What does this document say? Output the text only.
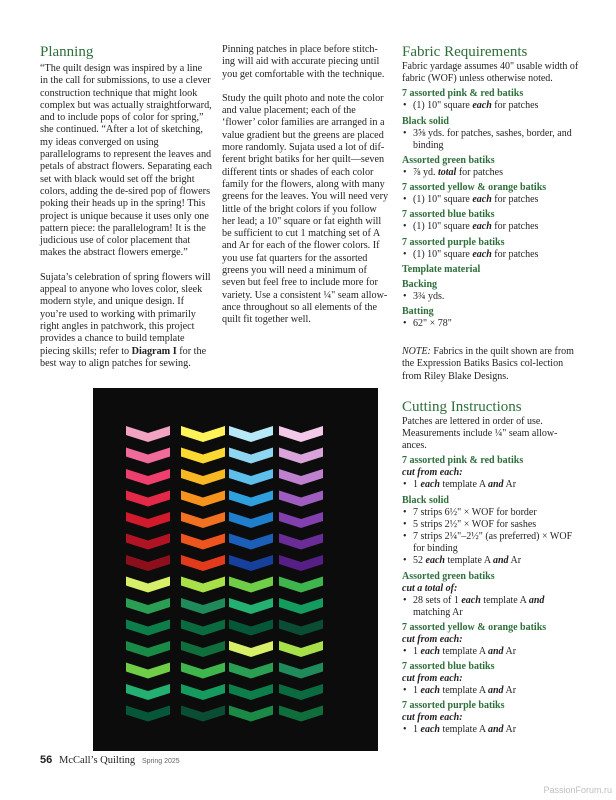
Planning

“The quilt design was inspired by a line in the call for submissions, to use a clever construction technique that might look complex but was actually straightforward, and to include pops of color for spring,” she continued. “After a lot of sketching, my ideas converged on using parallelograms to represent the leaves and petals of abstract flowers. Separating each set with black would set off the bright colors, adding the de-sired pop of flowers poking their heads up in the spring! This project is unique because it uses only one pattern piece: the parallelogram! It is the judicious use of color placement that makes the abstract flowers emerge.”

Sujata’s celebration of spring flowers will appeal to anyone who loves color, sleek modern style, and unique design. If you’re used to working with primarily right angles in patchwork, this project provides a chance to build template piecing skills; refer to Diagram I for the best way to align patches for sewing.

Pinning patches in place before stitch-ing will aid with accurate piecing until you get comfortable with the technique.

Study the quilt photo and note the color and value placement; each of the ‘flower’ color families are arranged in a value gradient but the greens are placed more randomly. Sujata used a lot of dif-ferent bright batiks for her quilt—seven different tints or shades of each color family for the flowers, along with many greens for the leaves. You will need very little of the bright colors if you follow her lead; a 10" square or fat eighth will be sufficient to cut 1 matching set of A and Ar for each of the flower colors. If you use fat quarters for the assorted greens you will need a minimum of seven but feel free to include more for variety. Use a consistent ¼" seam allow-ance throughout so all elements of the quilt fit together well.

Fabric Requirements

Fabric yardage assumes 40" usable width of fabric (WOF) unless otherwise noted.

7 assorted pink & red batiks
• (1) 10" square each for patches
Black solid
• 3⅝ yds. for patches, sashes, border, and binding
Assorted green batiks
• ⅞ yd. total for patches
7 assorted yellow & orange batiks
• (1) 10" square each for patches
7 assorted blue batiks
• (1) 10" square each for patches
7 assorted purple batiks
• (1) 10" square each for patches
Template material
Backing
• 3¾ yds.
Batting
• 62" × 78"

NOTE: Fabrics in the quilt shown are from the Expression Batiks Basics col-lection from Riley Blake Designs.

Cutting Instructions

Patches are lettered in order of use. Measurements include ¼" seam allow-ances.

7 assorted pink & red batiks
cut from each:
• 1 each template A and Ar
Black solid
• 7 strips 6½" × WOF for border
• 5 strips 2½" × WOF for sashes
• 7 strips 2¼"–2½" (as preferred) × WOF for binding
• 52 each template A and Ar
Assorted green batiks
cut a total of:
• 28 sets of 1 each template A and matching Ar
7 assorted yellow & orange batiks
cut from each:
• 1 each template A and Ar
7 assorted blue batiks
cut from each:
• 1 each template A and Ar
7 assorted purple batiks
cut from each:
• 1 each template A and Ar
56 McCall’s Quilting Spring 2025
PassionForum.ru
